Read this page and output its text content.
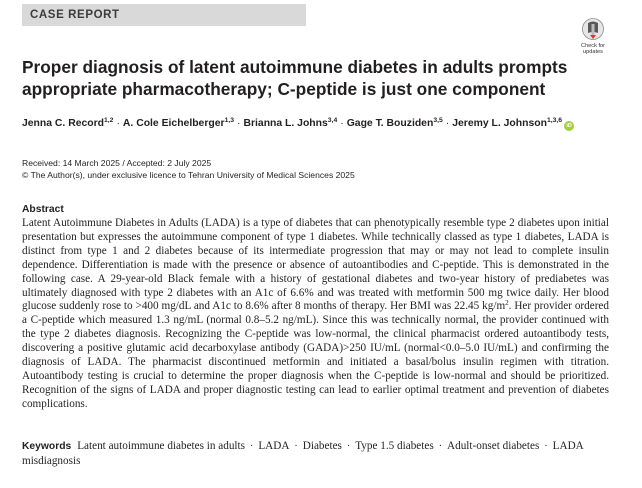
CASE REPORT
Check for
updates
Proper diagnosis of latent autoimmune diabetes in adults prompts
appropriate pharmacotherapy; C-peptide is just one component
Jenna C. Record$^{1,2}$ · A. Cole Eichelberger$^{1,3}$ · Brianna L. Johns$^{3,4}$ · Gage T. Bouziden$^{3,5}$ · Jeremy L. Johnson$^{1,3,6}$iD
Received: 14 March 2025 / Accepted: 2 July 2025
© The Author(s), under exclusive licence to Tehran University of Medical Sciences 2025
Abstract
Latent Autoimmune Diabetes in Adults (LADA) is a type of diabetes that can phenotypically resemble type 2 diabetes upon initial presentation but expresses the autoimmune component of type 1 diabetes. While technically classed as type 1 diabetes, LADA is distinct from type 1 and 2 diabetes because of its intermediate progression that may or may not lead to complete insulin dependence. Differentiation is made with the presence or absence of autoantibodies and C-peptide. This is demonstrated in the following case. A 29-year-old Black female with a history of gestational diabetes and two-year history of prediabetes was ultimately diagnosed with type 2 diabetes with an A1c of 6.6% and was treated with metformin 500 mg twice daily. Her blood glucose suddenly rose to >400 mg/dL and A1c to 8.6% after 8 months of therapy. Her BMI was 22.45 $kg/m^2$. Her provider ordered a C-peptide which measured 1.3 ng/mL (normal 0.8–5.2 ng/mL). Since this was technically normal, the provider continued with the type 2 diabetes diagnosis. Recognizing the C-peptide was low-normal, the clinical pharmacist ordered autoantibody tests, discovering a positive glutamic acid decarboxylase antibody (GADA)>250 IU/mL (normal<0.0–5.0 IU/mL) and confirming the diagnosis of LADA. The pharmacist discontinued metformin and initiated a basal/bolus insulin regimen with titration. Autoantibody testing is crucial to determine the proper diagnosis when the C-peptide is low-normal and should be prioritized. Recognition of the signs of LADA and proper diagnostic testing can lead to earlier optimal treatment and prevention of diabetes complications.
Keywords Latent autoimmune diabetes in adults · LADA · Diabetes · Type 1.5 diabetes · Adult-onset diabetes · LADA misdiagnosis
